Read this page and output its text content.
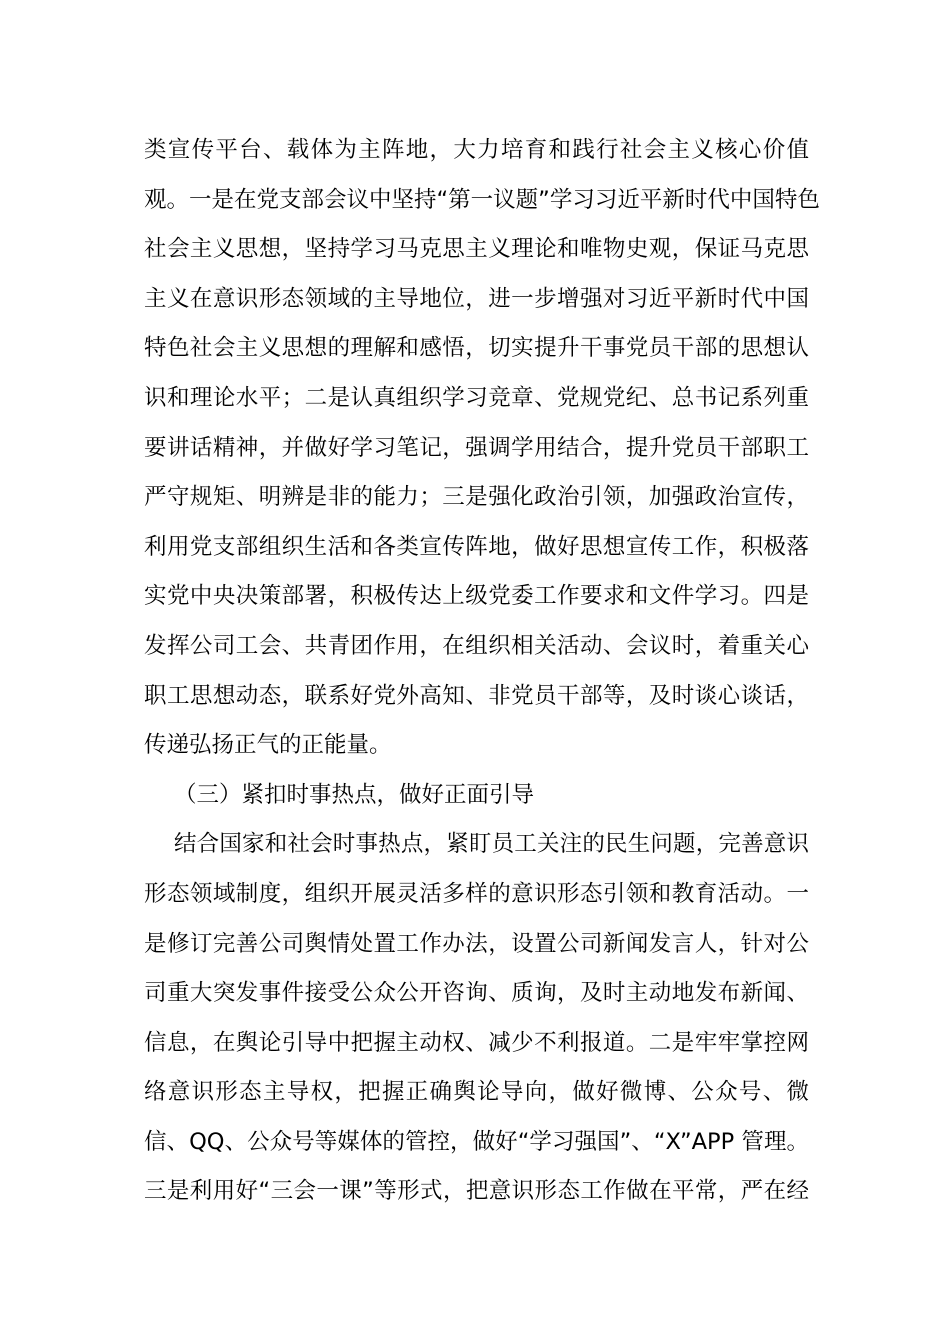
类宣传平台、载体为主阵地，大力培育和践行社会主义核心价值
观。一是在党支部会议中坚持“第一议题”学习习近平新时代中国特色
社会主义思想，坚持学习马克思主义理论和唯物史观，保证马克思
主义在意识形态领域的主导地位，进一步增强对习近平新时代中国
特色社会主义思想的理解和感悟，切实提升干事党员干部的思想认
识和理论水平；二是认真组织学习竞章、党规党纪、总书记系列重
要讲话精神，并做好学习笔记，强调学用结合，提升党员干部职工
严守规矩、明辨是非的能力；三是强化政治引领，加强政治宣传，
利用党支部组织生活和各类宣传阵地，做好思想宣传工作，积极落
实党中央决策部署，积极传达上级党委工作要求和文件学习。四是
发挥公司工会、共青团作用，在组织相关活动、会议时，着重关心
职工思想动态，联系好党外高知、非党员干部等，及时谈心谈话，
传递弘扬正气的正能量。
（三）紧扣时事热点，做好正面引导
结合国家和社会时事热点，紧盯员工关注的民生问题，完善意识
形态领域制度，组织开展灵活多样的意识形态引领和教育活动。一
是修订完善公司舆情处置工作办法，设置公司新闻发言人，针对公
司重大突发事件接受公众公开咨询、质询，及时主动地发布新闻、
信息，在舆论引导中把握主动权、减少不利报道。二是牢牢掌控网
络意识形态主导权，把握正确舆论导向，做好微博、公众号、微
信、QQ、公众号等媒体的管控，做好“学习强国”、“X”APP 管理。
三是利用好“三会一课”等形式，把意识形态工作做在平常，严在经
